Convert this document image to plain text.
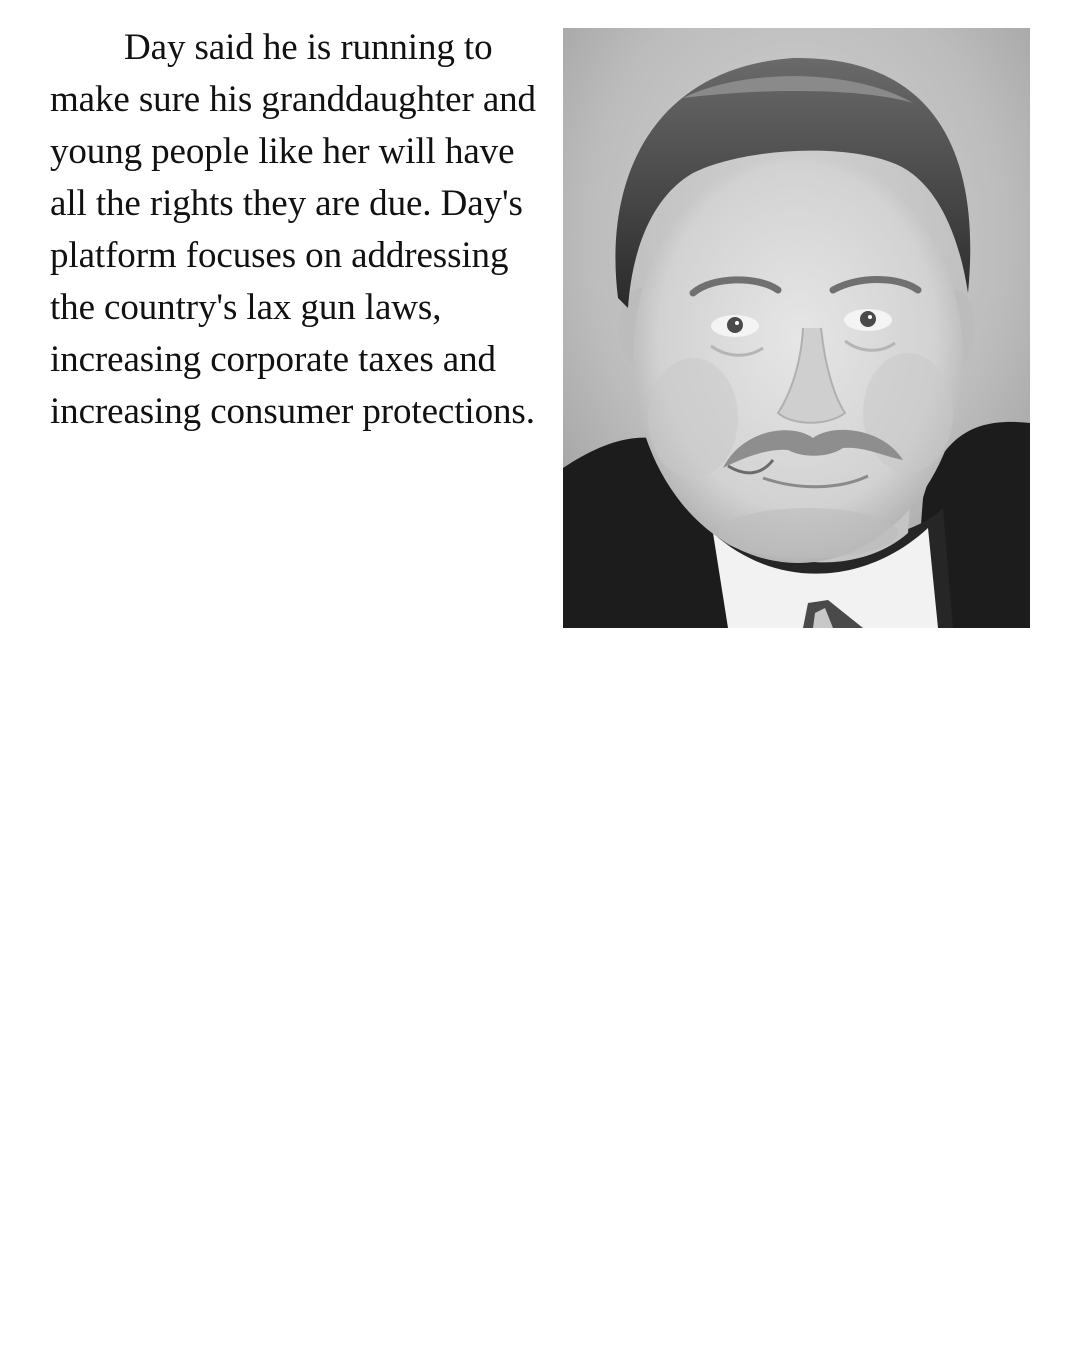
Day said he is running to make sure his granddaughter and young people like her will have all the rights they are due. Day's platform focuses on addressing the country's lax gun laws, increasing corporate taxes and increasing consumer protections.
